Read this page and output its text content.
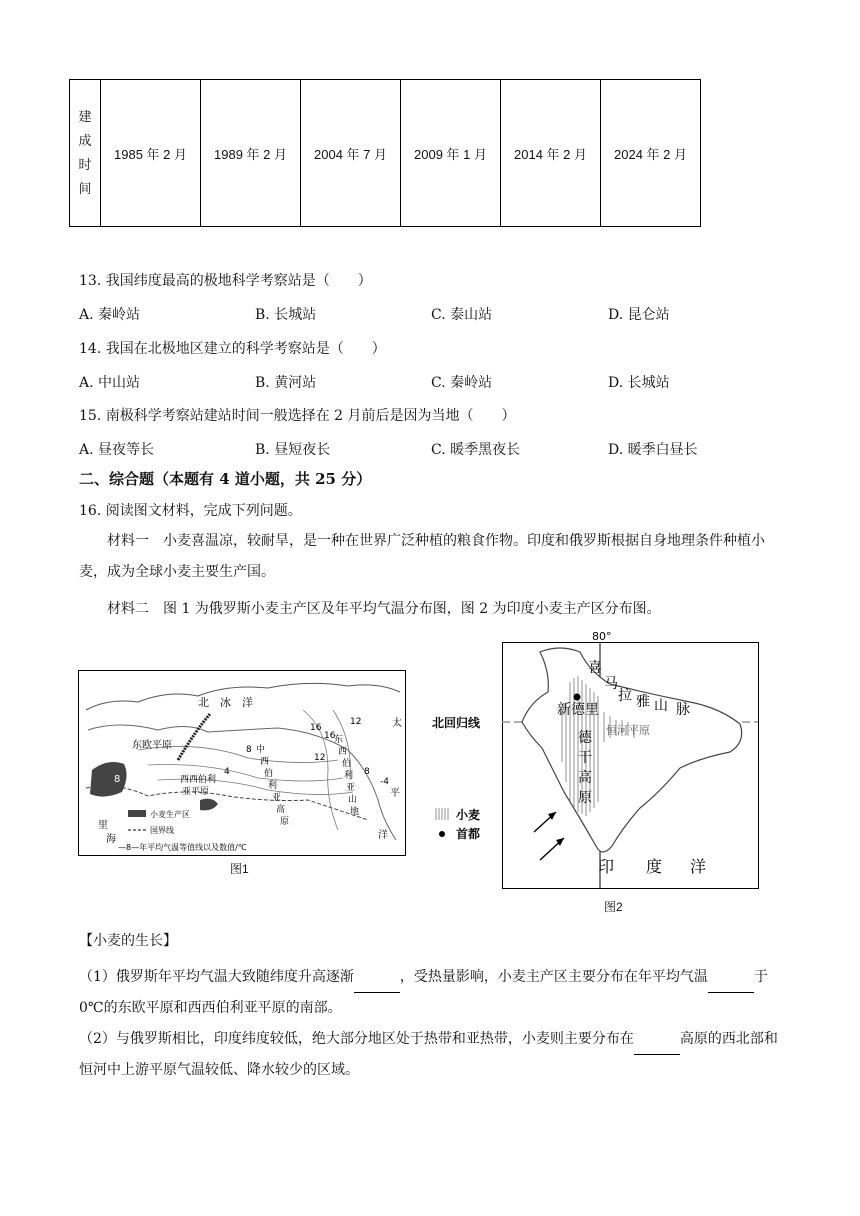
建
成
时
间
	1985 年 2 月	1989 年 2 月	2004 年 7 月	2009 年 1 月	2014 年 2 月	2024 年 2 月
13. 我国纬度最高的极地科学考察站是（　　）
A. 秦岭站	B. 长城站	C. 泰山站	D. 昆仑站
14. 我国在北极地区建立的科学考察站是（　　）
A. 中山站	B. 黄河站	C. 秦岭站	D. 长城站
15. 南极科学考察站建站时间一般选择在 2 月前后是因为当地（　　）
A. 昼夜等长	B. 昼短夜长	C. 暖季黑夜长	D. 暖季白昼长
二、综合题（本题有 4 道小题，共 25 分）
16. 阅读图文材料，完成下列问题。
材料一　小麦喜温凉，较耐旱，是一种在世界广泛种植的粮食作物。印度和俄罗斯根据自身地理条件种植小麦，成为全球小麦主要生产国。
材料二　图 1 为俄罗斯小麦主产区及年平均气温分布图，图 2 为印度小麦主产区分布图。
北　冰　洋
东欧平原
西西伯利
亚平原
中
西
伯
利
亚
高
原
东
西
伯
利
亚
山
地
太
平
洋
12
8
里
海
16
12
16
12
8
8
-4
4
小麦生产区
国界线
—8—年平均气温等值线以及数值/℃
图1
80°
北回归线
喜
马
拉 雅 山 脉
新德里
恒河平原
德
干
高
原
印 度 洋
小麦
首都
图2
【小麦的生长】
（1）俄罗斯年平均气温大致随纬度升高逐渐	，受热量影响，小麦主产区主要分布在年平均气温	于 0℃的东欧平原和西西伯利亚平原的南部。
（2）与俄罗斯相比，印度纬度较低，绝大部分地区处于热带和亚热带，小麦则主要分布在	高原的西北部和恒河中上游平原气温较低、降水较少的区域。
